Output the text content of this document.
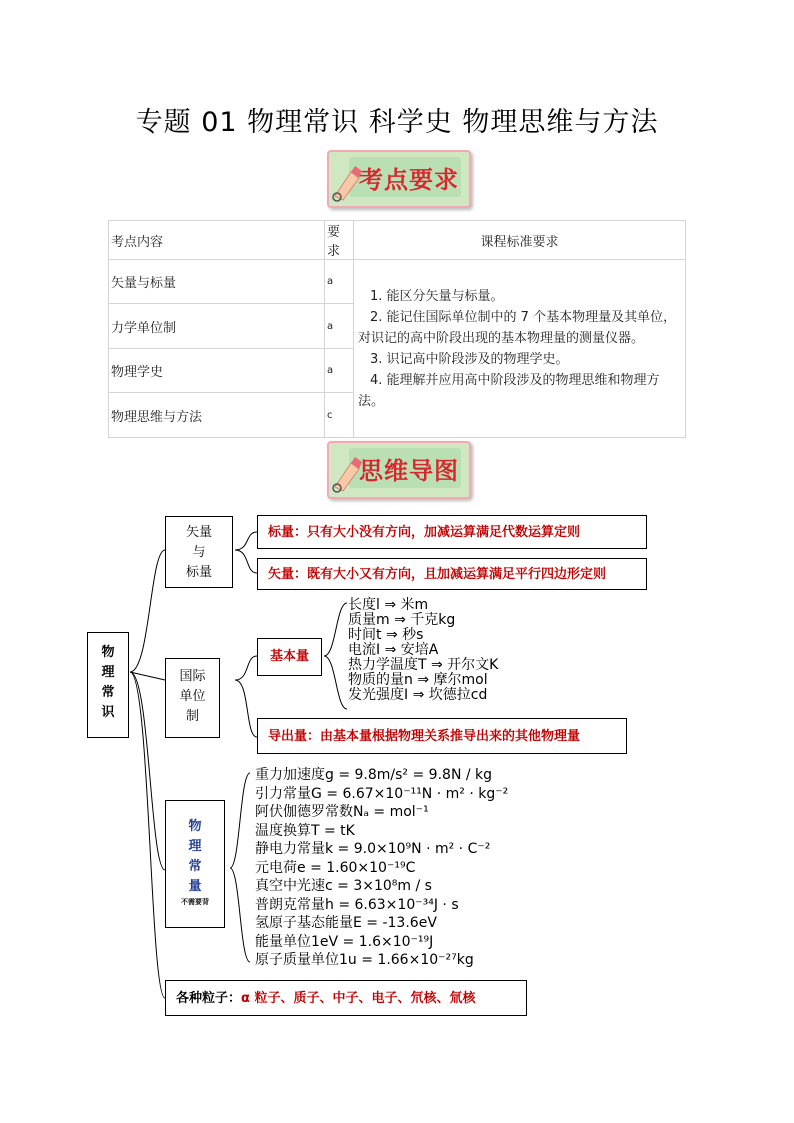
专题 01 物理常识 科学史 物理思维与方法
考点要求
考点内容	要求	课程标准要求
矢量与标量	a	1. 能区分矢量与标量。
2. 能记住国际单位制中的 7 个基本物理量及其单位，对识记的高中阶段出现的基本物理量的测量仪器。
3. 识记高中阶段涉及的物理学史。
4. 能理解并应用高中阶段涉及的物理思维和物理方法。

力学单位制	a	
物理学史	a	
物理思维与方法	c	
思维导图
物
理
常
识
矢量
与
标量
标量：只有大小没有方向，加减运算满足代数运算定则
矢量：既有大小又有方向，且加减运算满足平行四边形定则
国际
单位
制
基本量
长度l ⇒ 米m
质量m ⇒ 千克kg
时间t ⇒ 秒s
电流I ⇒ 安培A
热力学温度T ⇒ 开尔文K
物质的量n ⇒ 摩尔mol
发光强度I ⇒ 坎德拉cd
导出量：由基本量根据物理关系推导出来的其他物理量
物
理
常
量
不需要背
重力加速度g = 9.8m/s² = 9.8N / kg
引力常量G = 6.67×10⁻¹¹N · m² · kg⁻²
阿伏伽德罗常数Nₐ = mol⁻¹
温度换算T = tK
静电力常量k = 9.0×10⁹N · m² · C⁻²
元电荷e = 1.60×10⁻¹⁹C
真空中光速c = 3×10⁸m / s
普朗克常量h = 6.63×10⁻³⁴J · s
氢原子基态能量E = -13.6eV
能量单位1eV = 1.6×10⁻¹⁹J
原子质量单位1u = 1.66×10⁻²⁷kg
各种粒子：α 粒子、质子、中子、电子、氘核、氚核
